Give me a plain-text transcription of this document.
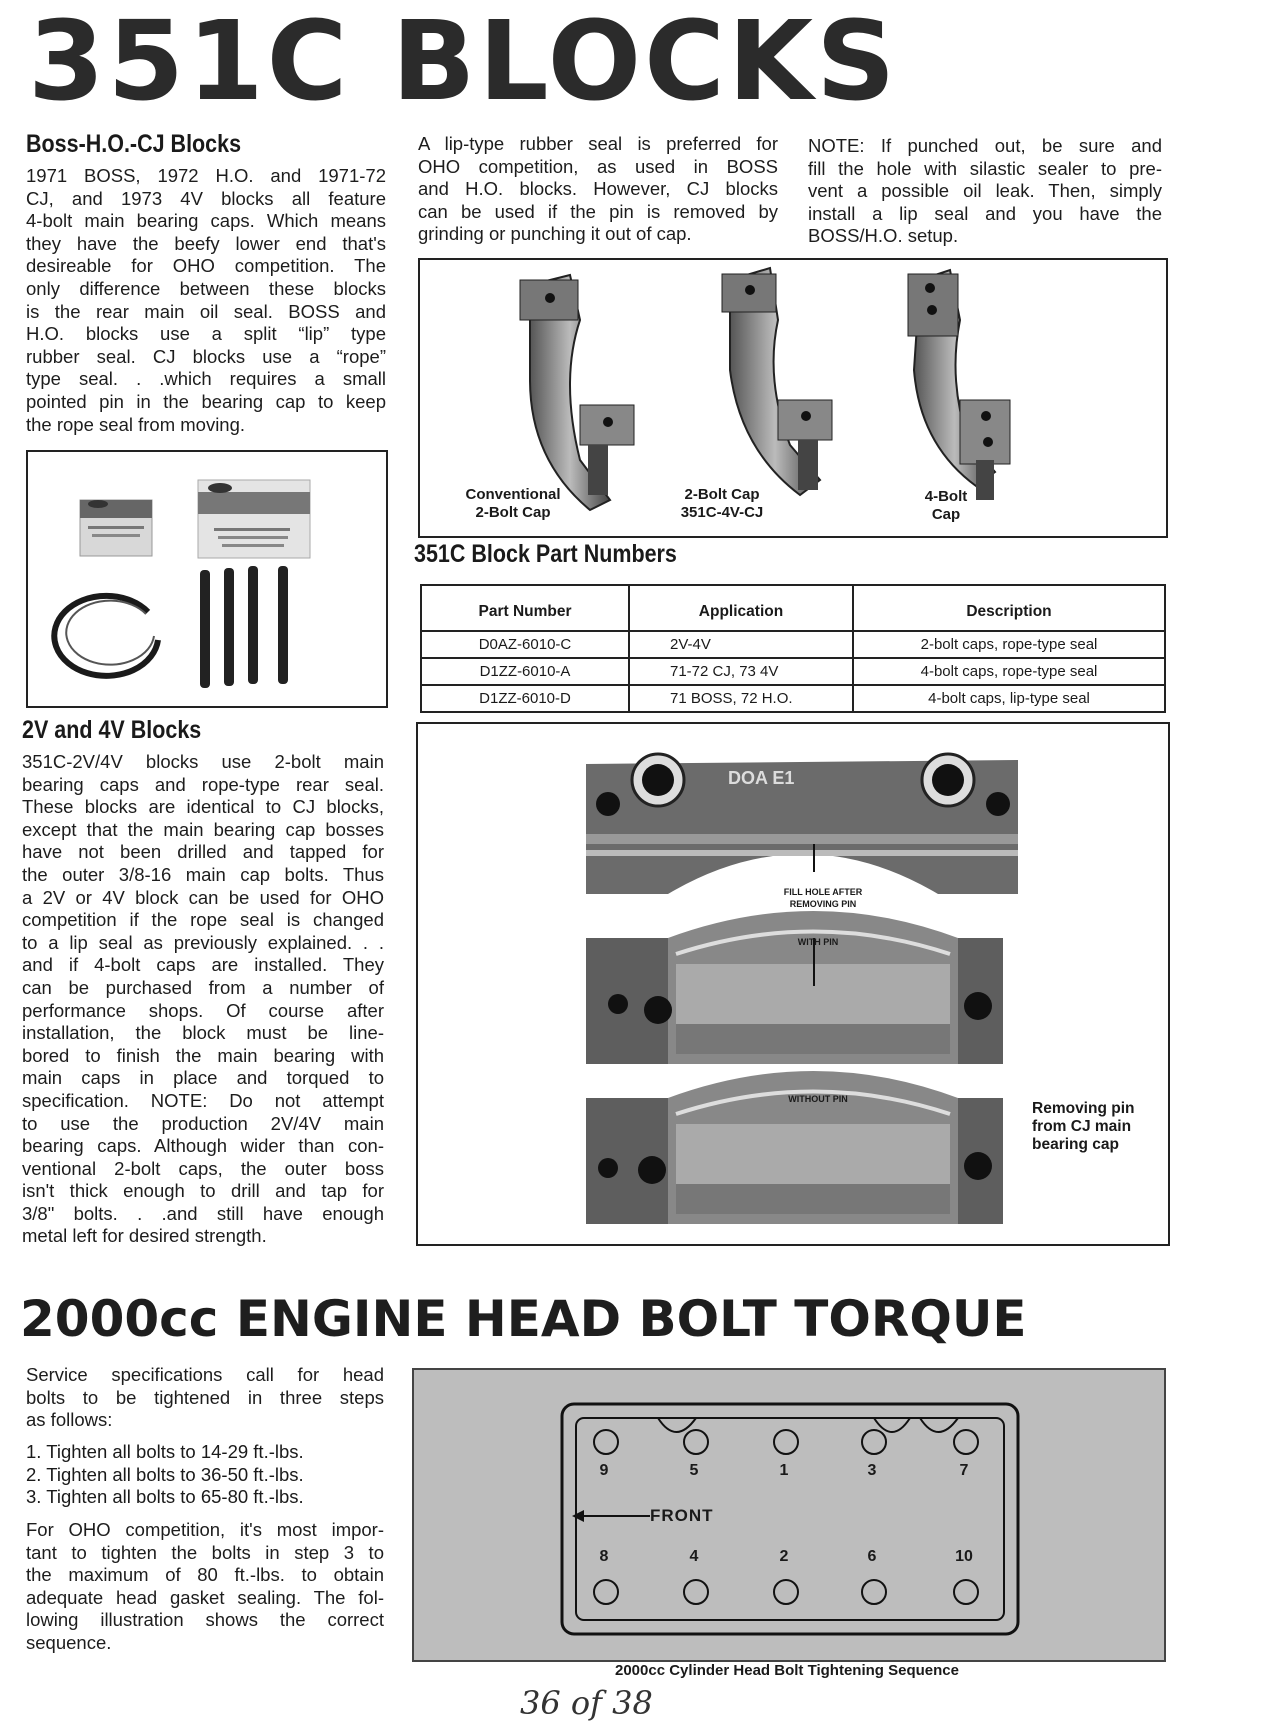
351C BLOCKS
Boss-H.O.-CJ Blocks
1971 BOSS, 1972 H.O. and 1971-72
CJ, and 1973 4V blocks all feature
4-bolt main bearing caps. Which means
they have the beefy lower end that's
desireable for OHO competition. The
only difference between these blocks
is the rear main oil seal. BOSS and
H.O. blocks use a split “lip” type
rubber seal. CJ blocks use a “rope”
type seal. . .which requires a small
pointed pin in the bearing cap to keep
the rope seal from moving.
A lip-type rubber seal is preferred for
OHO competition, as used in BOSS
and H.O. blocks. However, CJ blocks
can be used if the pin is removed by
grinding or punching it out of cap.
NOTE: If punched out, be sure and
fill the hole with silastic sealer to pre-
vent a possible oil leak. Then, simply
install a lip seal and you have the
BOSS/H.O. setup.
Conventional
2-Bolt Cap
2-Bolt Cap
351C-4V-CJ
4-Bolt
Cap
351C Block Part Numbers
Part Number	Application	Description
D0AZ-6010-C	2V-4V	2-bolt caps, rope-type seal
D1ZZ-6010-A	71-72 CJ, 73 4V	4-bolt caps, rope-type seal
D1ZZ-6010-D	71 BOSS, 72 H.O.	4-bolt caps, lip-type seal
2V and 4V Blocks
351C-2V/4V blocks use 2-bolt main
bearing caps and rope-type rear seal.
These blocks are identical to CJ blocks,
except that the main bearing cap bosses
have not been drilled and tapped for
the outer 3/8-16 main cap bolts. Thus
a 2V or 4V block can be used for OHO
competition if the rope seal is changed
to a lip seal as previously explained. . .
and if 4-bolt caps are installed. They
can be purchased from a number of
performance shops. Of course after
installation, the block must be line-
bored to finish the main bearing with
main caps in place and torqued to
specification. NOTE: Do not attempt
to use the production 2V/4V main
bearing caps. Although wider than con-
ventional 2-bolt caps, the outer boss
isn't thick enough to drill and tap for
3/8" bolts. . .and still have enough
metal left for desired strength.
DOA E1
FILL HOLE AFTER
REMOVING PIN
WITH PIN
WITHOUT PIN
Removing pin
from CJ main
bearing cap
2000cc ENGINE HEAD BOLT TORQUE
Service specifications call for head
bolts to be tightened in three steps
as follows:
1. Tighten all bolts to 14-29 ft.-lbs.
2. Tighten all bolts to 36-50 ft.-lbs.
3. Tighten all bolts to 65-80 ft.-lbs.
For OHO competition, it's most impor-
tant to tighten the bolts in step 3 to
the maximum of 80 ft.-lbs. to obtain
adequate head gasket sealing. The fol-
lowing illustration shows the correct
sequence.
9	5	1	3	7
8	4	2	6	10
FRONT
2000cc Cylinder Head Bolt Tightening Sequence
36 of 38
